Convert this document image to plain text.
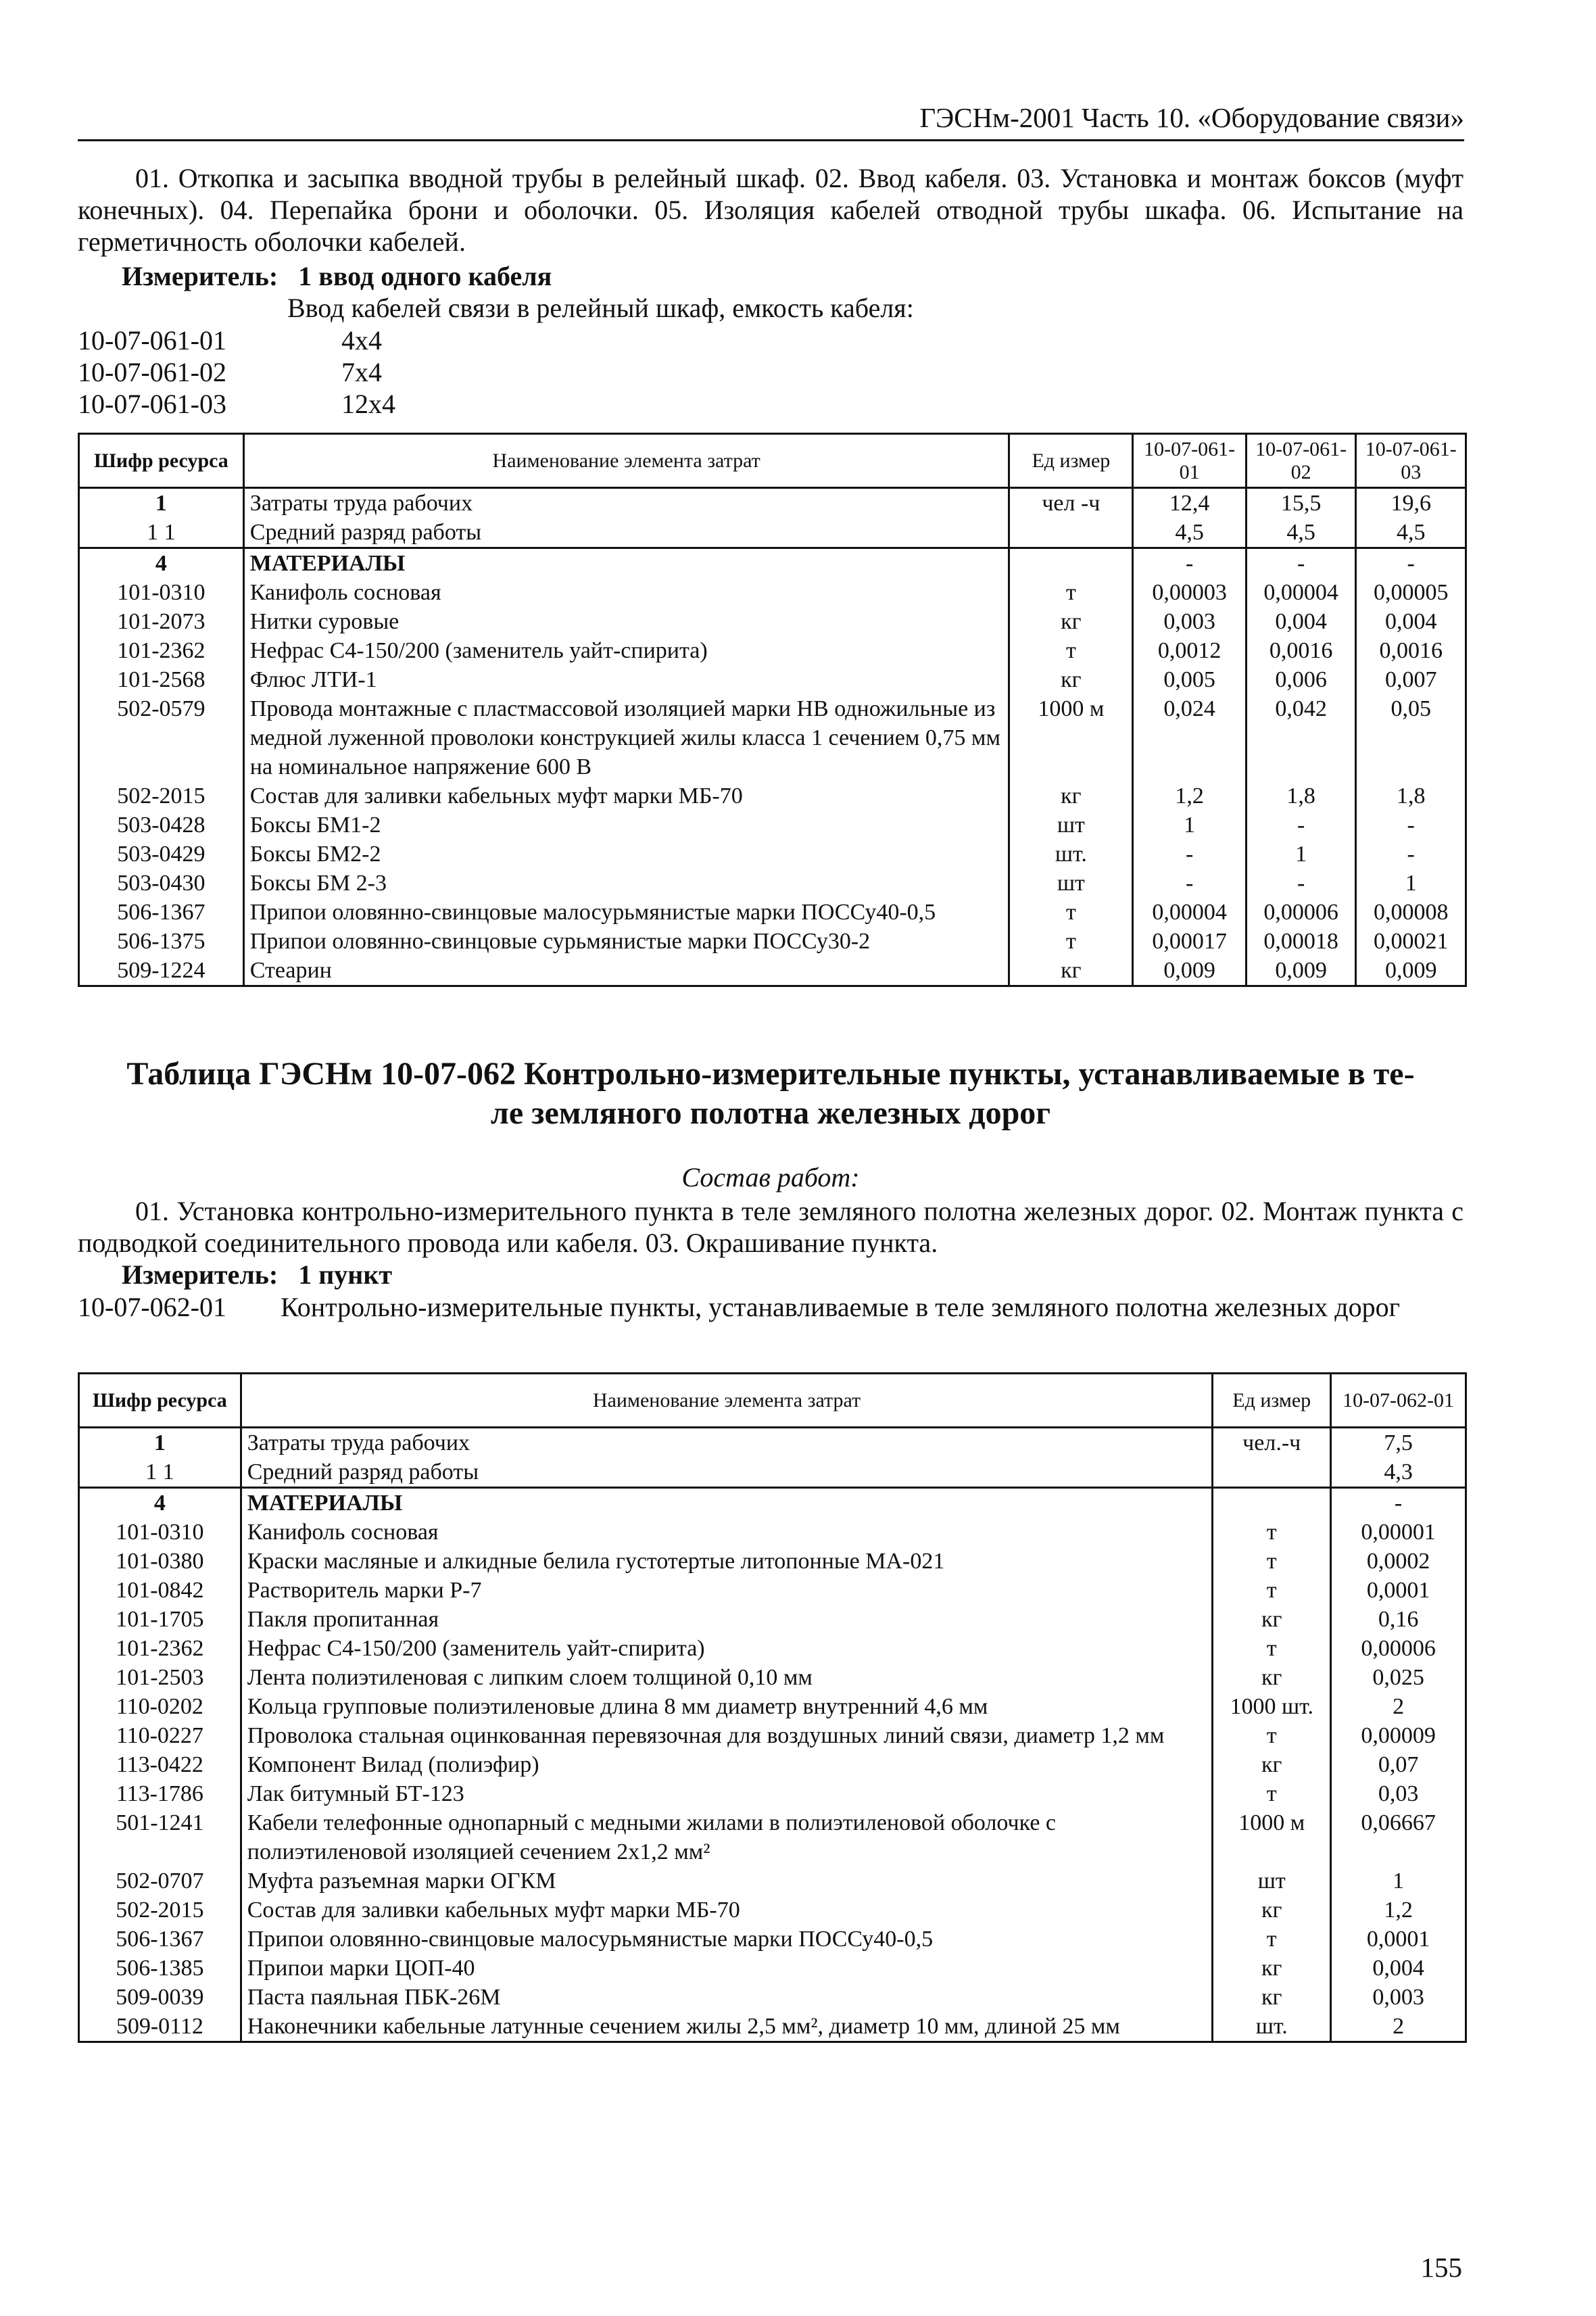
ГЭСНм-2001 Часть 10. «Оборудование связи»
01. Откопка и засыпка вводной трубы в релейный шкаф. 02. Ввод кабеля. 03. Установка и монтаж боксов (муфт конечных). 04. Перепайка брони и оболочки. 05. Изоляция кабелей отводной трубы шкафа. 06. Испытание на герметичность оболочки кабелей.
Измеритель: 1 ввод одного кабеля
Ввод кабелей связи в релейный шкаф, емкость кабеля:
10-07-061-01	4x4
10-07-061-02	7x4
10-07-061-03	12x4
Шифр ресурса	Наименование элемента затрат	Ед измер	10-07-061-01	10-07-061-02	10-07-061-03
1	Затраты труда рабочих	чел -ч	12,4	15,5	19,6
1 1	Средний разряд работы		4,5	4,5	4,5
4	МАТЕРИАЛЫ		-	-	-
101-0310	Канифоль сосновая	т	0,00003	0,00004	0,00005
101-2073	Нитки суровые	кг	0,003	0,004	0,004
101-2362	Нефрас С4-150/200 (заменитель уайт-спирита)	т	0,0012	0,0016	0,0016
101-2568	Флюс ЛТИ-1	кг	0,005	0,006	0,007
502-0579	Провода монтажные с пластмассовой изоляцией марки НВ одножильные из медной луженной проволоки конструкцией жилы класса 1 сечением 0,75 мм на номинальное напряжение 600 В	1000 м	0,024	0,042	0,05
502-2015	Состав для заливки кабельных муфт марки МБ-70	кг	1,2	1,8	1,8
503-0428	Боксы БМ1-2	шт	1	-	-
503-0429	Боксы БМ2-2	шт.	-	1	-
503-0430	Боксы БМ 2-3	шт	-	-	1
506-1367	Припои оловянно-свинцовые малосурьмянистые марки ПОССу40-0,5	т	0,00004	0,00006	0,00008
506-1375	Припои оловянно-свинцовые сурьмянистые марки ПОССу30-2	т	0,00017	0,00018	0,00021
509-1224	Стеарин	кг	0,009	0,009	0,009
Таблица ГЭСНм 10-07-062 Контрольно-измерительные пункты, устанавливаемые в те-
ле земляного полотна железных дорог
Состав работ:
01. Установка контрольно-измерительного пункта в теле земляного полотна железных дорог. 02. Монтаж пункта с подводкой соединительного провода или кабеля. 03. Окрашивание пункта.
Измеритель: 1 пункт
10-07-062-01 Контрольно-измерительные пункты, устанавливаемые в теле земляного полотна железных дорог
Шифр ресурса	Наименование элемента затрат	Ед измер	10-07-062-01
1	Затраты труда рабочих	чел.-ч	7,5
1 1	Средний разряд работы		4,3
4	МАТЕРИАЛЫ		-
101-0310	Канифоль сосновая	т	0,00001
101-0380	Краски масляные и алкидные белила густотертые литопонные МА-021	т	0,0002
101-0842	Растворитель марки Р-7	т	0,0001
101-1705	Пакля пропитанная	кг	0,16
101-2362	Нефрас С4-150/200 (заменитель уайт-спирита)	т	0,00006
101-2503	Лента полиэтиленовая с липким слоем толщиной 0,10 мм	кг	0,025
110-0202	Кольца групповые полиэтиленовые длина 8 мм диаметр внутренний 4,6 мм	1000 шт.	2
110-0227	Проволока стальная оцинкованная перевязочная для воздушных линий связи, диаметр 1,2 мм	т	0,00009
113-0422	Компонент Вилад (полиэфир)	кг	0,07
113-1786	Лак битумный БТ-123	т	0,03
501-1241	Кабели телефонные однопарный с медными жилами в полиэтиленовой оболочке с полиэтиленовой изоляцией сечением 2х1,2 мм²	1000 м	0,06667
502-0707	Муфта разъемная марки ОГКМ	шт	1
502-2015	Состав для заливки кабельных муфт марки МБ-70	кг	1,2
506-1367	Припои оловянно-свинцовые малосурьмянистые марки ПОССу40-0,5	т	0,0001
506-1385	Припои марки ЦОП-40	кг	0,004
509-0039	Паста паяльная ПБК-26М	кг	0,003
509-0112	Наконечники кабельные латунные сечением жилы 2,5 мм², диаметр 10 мм, длиной 25 мм	шт.	2
155
